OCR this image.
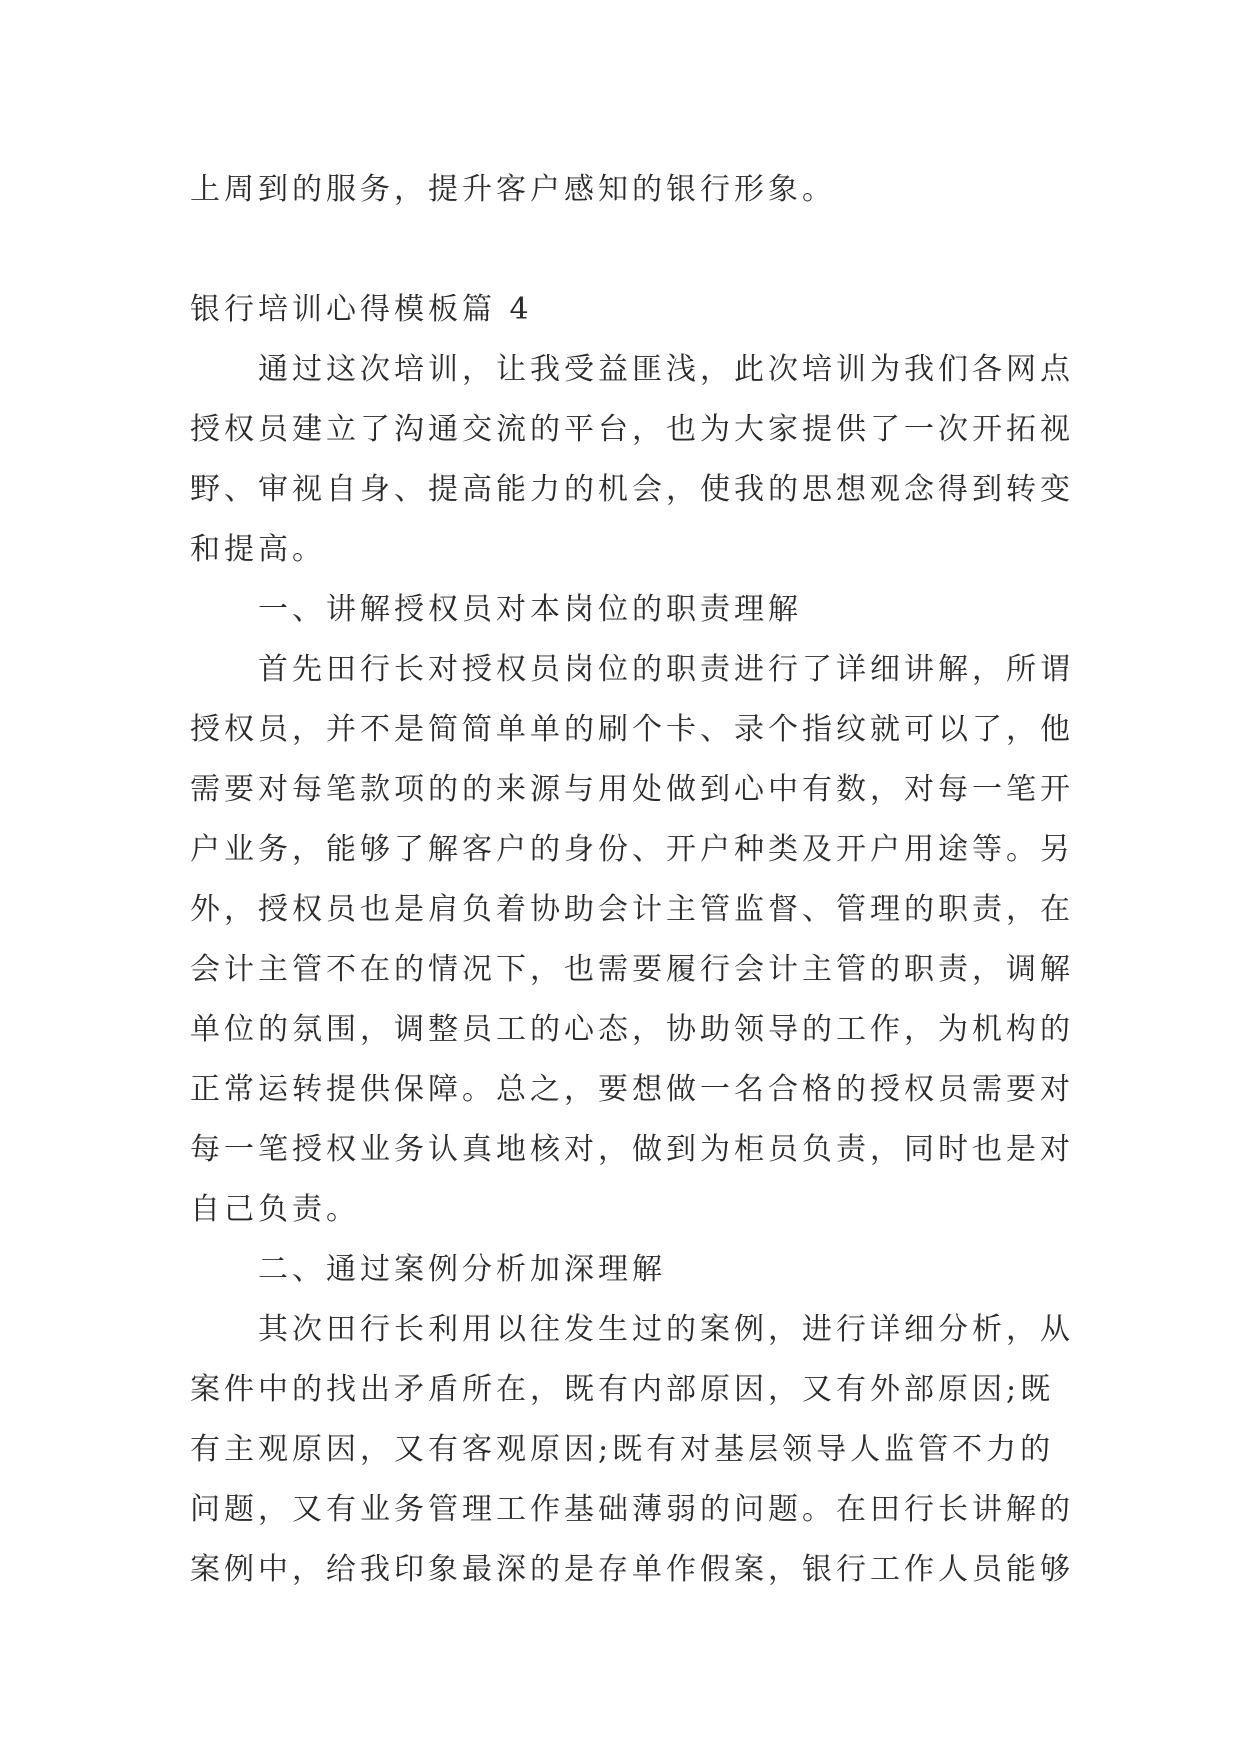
上周到的服务，提升客户感知的银行形象。
银行培训心得模板篇 4
通过这次培训，让我受益匪浅，此次培训为我们各网点
授权员建立了沟通交流的平台，也为大家提供了一次开拓视
野、审视自身、提高能力的机会，使我的思想观念得到转变
和提高。
一、讲解授权员对本岗位的职责理解
首先田行长对授权员岗位的职责进行了详细讲解，所谓
授权员，并不是简简单单的刷个卡、录个指纹就可以了，他
需要对每笔款项的的来源与用处做到心中有数，对每一笔开
户业务，能够了解客户的身份、开户种类及开户用途等。另
外，授权员也是肩负着协助会计主管监督、管理的职责，在
会计主管不在的情况下，也需要履行会计主管的职责，调解
单位的氛围，调整员工的心态，协助领导的工作，为机构的
正常运转提供保障。总之，要想做一名合格的授权员需要对
每一笔授权业务认真地核对，做到为柜员负责，同时也是对
自己负责。
二、通过案例分析加深理解
其次田行长利用以往发生过的案例，进行详细分析，从
案件中的找出矛盾所在，既有内部原因，又有外部原因;既
有主观原因，又有客观原因;既有对基层领导人监管不力的
问题，又有业务管理工作基础薄弱的问题。在田行长讲解的
案例中，给我印象最深的是存单作假案，银行工作人员能够
